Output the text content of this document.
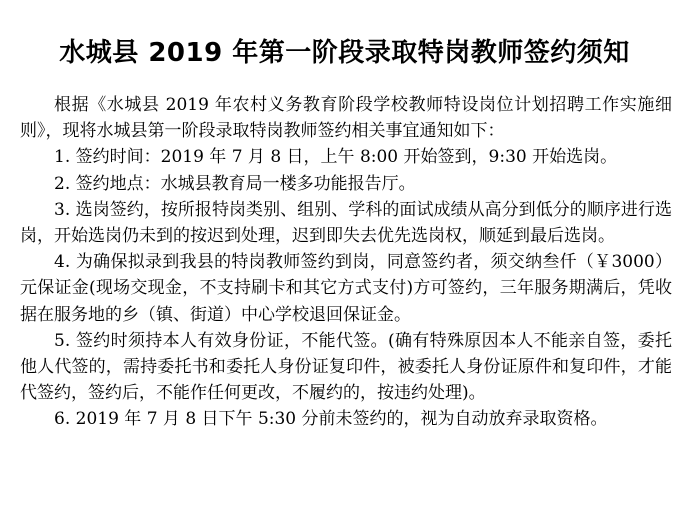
水城县 2019 年第一阶段录取特岗教师签约须知

根据《水城县 2019 年农村义务教育阶段学校教师特设岗位计划招聘工作实施细则》，现将水城县第一阶段录取特岗教师签约相关事宜通知如下：

1. 签约时间：2019 年 7 月 8 日，上午 8:00 开始签到，9:30 开始选岗。

2. 签约地点：水城县教育局一楼多功能报告厅。

3. 选岗签约，按所报特岗类别、组别、学科的面试成绩从高分到低分的顺序进行选岗，开始选岗仍未到的按迟到处理，迟到即失去优先选岗权，顺延到最后选岗。

4. 为确保拟录到我县的特岗教师签约到岗，同意签约者，须交纳叁仟（￥3000）元保证金(现场交现金，不支持刷卡和其它方式支付)方可签约，三年服务期满后，凭收据在服务地的乡（镇、街道）中心学校退回保证金。

5. 签约时须持本人有效身份证，不能代签。(确有特殊原因本人不能亲自签，委托他人代签的，需持委托书和委托人身份证复印件，被委托人身份证原件和复印件，才能代签约，签约后，不能作任何更改，不履约的，按违约处理)。

6. 2019 年 7 月 8 日下午 5:30 分前未签约的，视为自动放弃录取资格。
